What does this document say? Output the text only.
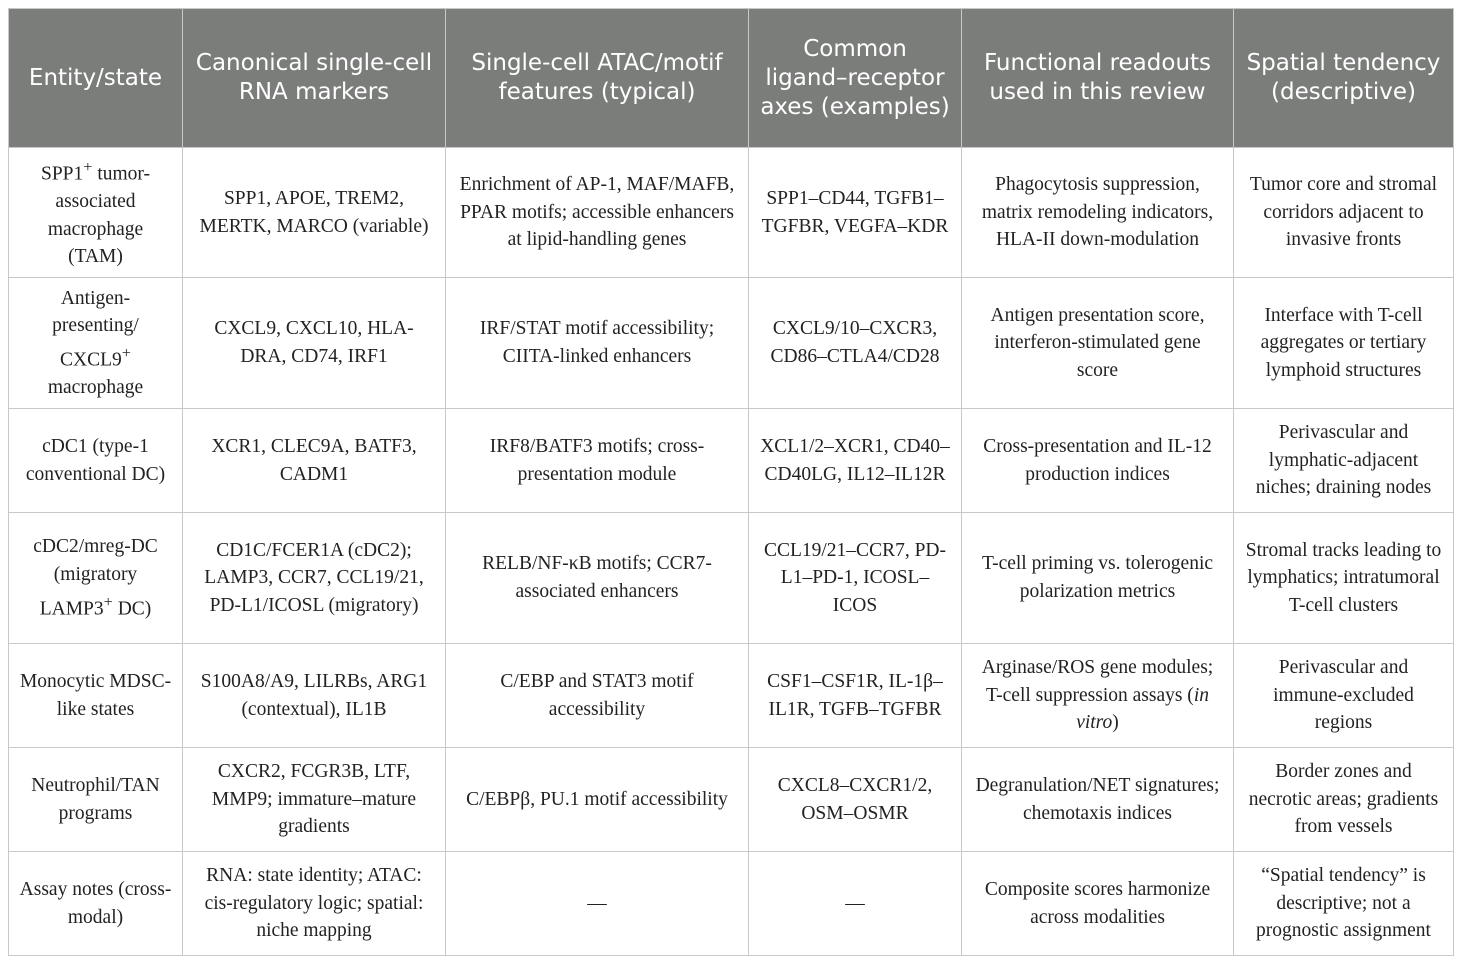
Entity/state	Canonical single-cell RNA markers	Single-cell ATAC/motif features (typical)	Common ligand–receptor axes (examples)	Functional readouts used in this review	Spatial tendency (descriptive)
SPP1+ tumor-associated macrophage (TAM)	SPP1, APOE, TREM2, MERTK, MARCO (variable)	Enrichment of AP-1, MAF/MAFB, PPAR motifs; accessible enhancers at lipid-handling genes	SPP1–CD44, TGFB1–TGFBR, VEGFA–KDR	Phagocytosis suppression, matrix remodeling indicators, HLA-II down-modulation	Tumor core and stromal corridors adjacent to invasive fronts
Antigen-presenting/ CXCL9+ macrophage	CXCL9, CXCL10, HLA-DRA, CD74, IRF1	IRF/STAT motif accessibility; CIITA-linked enhancers	CXCL9/10–CXCR3, CD86–CTLA4/CD28	Antigen presentation score, interferon-stimulated gene score	Interface with T-cell aggregates or tertiary lymphoid structures
cDC1 (type-1 conventional DC)	XCR1, CLEC9A, BATF3, CADM1	IRF8/BATF3 motifs; cross-presentation module	XCL1/2–XCR1, CD40–CD40LG, IL12–IL12R	Cross-presentation and IL-12 production indices	Perivascular and lymphatic-adjacent niches; draining nodes
cDC2/mreg-DC (migratory LAMP3+ DC)	CD1C/FCER1A (cDC2); LAMP3, CCR7, CCL19/21, PD-L1/ICOSL (migratory)	RELB/NF-κB motifs; CCR7-associated enhancers	CCL19/21–CCR7, PD-L1–PD-1, ICOSL–ICOS	T-cell priming vs. tolerogenic polarization metrics	Stromal tracks leading to lymphatics; intratumoral T-cell clusters
Monocytic MDSC-like states	S100A8/A9, LILRBs, ARG1 (contextual), IL1B	C/EBP and STAT3 motif accessibility	CSF1–CSF1R, IL-1β–IL1R, TGFB–TGFBR	Arginase/ROS gene modules; T-cell suppression assays (in vitro)	Perivascular and immune-excluded regions
Neutrophil/TAN programs	CXCR2, FCGR3B, LTF, MMP9; immature–mature gradients	C/EBPβ, PU.1 motif accessibility	CXCL8–CXCR1/2, OSM–OSMR	Degranulation/NET signatures; chemotaxis indices	Border zones and necrotic areas; gradients from vessels
Assay notes (cross-modal)	RNA: state identity; ATAC: cis-regulatory logic; spatial: niche mapping	—	—	Composite scores harmonize across modalities	“Spatial tendency” is descriptive; not a prognostic assignment
